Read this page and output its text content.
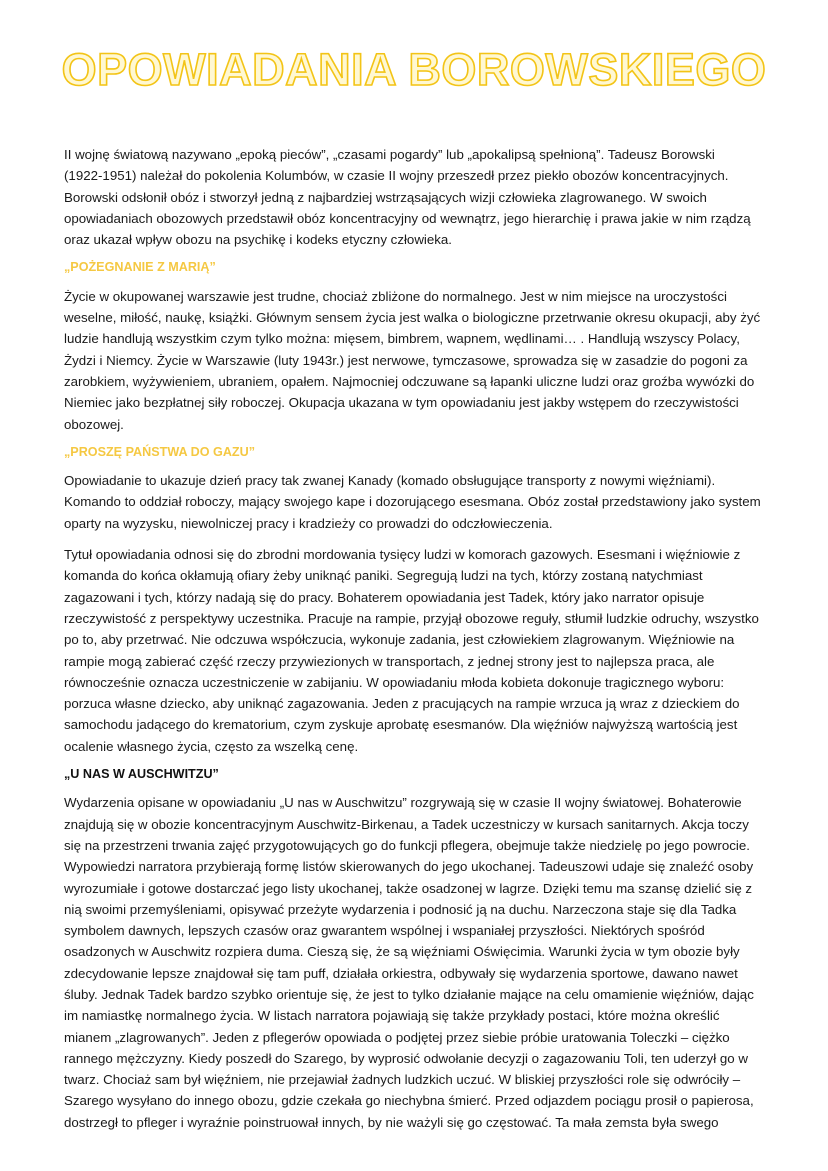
OPOWIADANIA BOROWSKIEGO
II wojnę światową nazywano „epoką pieców”, „czasami pogardy” lub „apokalipsą spełnioną”. Tadeusz Borowski
(1922-1951) należał do pokolenia Kolumbów, w czasie II wojny przeszedł przez piekło obozów koncentracyjnych.
Borowski odsłonił obóz i stworzył jedną z najbardziej wstrząsających wizji człowieka zlagrowanego. W swoich
opowiadaniach obozowych przedstawił obóz koncentracyjny od wewnątrz, jego hierarchię i prawa jakie w nim rządzą
oraz ukazał wpływ obozu na psychikę i kodeks etyczny człowieka.
„POŻEGNANIE Z MARIĄ”
Życie w okupowanej warszawie jest trudne, chociaż zbliżone do normalnego. Jest w nim miejsce na uroczystości
weselne, miłość, naukę, książki. Głównym sensem życia jest walka o biologiczne przetrwanie okresu okupacji, aby żyć
ludzie handlują wszystkim czym tylko można: mięsem, bimbrem, wapnem, wędlinami… . Handlują wszyscy Polacy,
Żydzi i Niemcy. Życie w Warszawie (luty 1943r.) jest nerwowe, tymczasowe, sprowadza się w zasadzie do pogoni za
zarobkiem, wyżywieniem, ubraniem, opałem. Najmocniej odczuwane są łapanki uliczne ludzi oraz groźba wywózki do
Niemiec jako bezpłatnej siły roboczej. Okupacja ukazana w tym opowiadaniu jest jakby wstępem do rzeczywistości
obozowej.
„PROSZĘ PAŃSTWA DO GAZU”
Opowiadanie to ukazuje dzień pracy tak zwanej Kanady (komado obsługujące transporty z nowymi więźniami).
Komando to oddział roboczy, mający swojego kape i dozorującego esesmana. Obóz został przedstawiony jako system
oparty na wyzysku, niewolniczej pracy i kradzieży co prowadzi do odczłowieczenia.
Tytuł opowiadania odnosi się do zbrodni mordowania tysięcy ludzi w komorach gazowych. Esesmani i więźniowie z
komanda do końca okłamują ofiary żeby uniknąć paniki. Segregują ludzi na tych, którzy zostaną natychmiast
zagazowani i tych, którzy nadają się do pracy. Bohaterem opowiadania jest Tadek, który jako narrator opisuje
rzeczywistość z perspektywy uczestnika. Pracuje na rampie, przyjął obozowe reguły, stłumił ludzkie odruchy, wszystko
po to, aby przetrwać. Nie odczuwa współczucia, wykonuje zadania, jest człowiekiem zlagrowanym. Więźniowie na
rampie mogą zabierać część rzeczy przywiezionych w transportach, z jednej strony jest to najlepsza praca, ale
równocześnie oznacza uczestniczenie w zabijaniu. W opowiadaniu młoda kobieta dokonuje tragicznego wyboru:
porzuca własne dziecko, aby uniknąć zagazowania. Jeden z pracujących na rampie wrzuca ją wraz z dzieckiem do
samochodu jadącego do krematorium, czym zyskuje aprobatę esesmanów. Dla więźniów najwyższą wartością jest
ocalenie własnego życia, często za wszelką cenę.
„U NAS W AUSCHWITZU”
Wydarzenia opisane w opowiadaniu „U nas w Auschwitzu” rozgrywają się w czasie II wojny światowej. Bohaterowie
znajdują się w obozie koncentracyjnym Auschwitz-Birkenau, a Tadek uczestniczy w kursach sanitarnych. Akcja toczy
się na przestrzeni trwania zajęć przygotowujących go do funkcji pflegera, obejmuje także niedzielę po jego powrocie.
Wypowiedzi narratora przybierają formę listów skierowanych do jego ukochanej. Tadeuszowi udaje się znaleźć osoby
wyrozumiałe i gotowe dostarczać jego listy ukochanej, także osadzonej w lagrze. Dzięki temu ma szansę dzielić się z
nią swoimi przemyśleniami, opisywać przeżyte wydarzenia i podnosić ją na duchu. Narzeczona staje się dla Tadka
symbolem dawnych, lepszych czasów oraz gwarantem wspólnej i wspaniałej przyszłości. Niektórych spośród
osadzonych w Auschwitz rozpiera duma. Cieszą się, że są więźniami Oświęcimia. Warunki życia w tym obozie były
zdecydowanie lepsze znajdował się tam puff, działała orkiestra, odbywały się wydarzenia sportowe, dawano nawet
śluby. Jednak Tadek bardzo szybko orientuje się, że jest to tylko działanie mające na celu omamienie więźniów, dając
im namiastkę normalnego życia. W listach narratora pojawiają się także przykłady postaci, które można określić
mianem „zlagrowanych”. Jeden z pflegerów opowiada o podjętej przez siebie próbie uratowania Toleczki – ciężko
rannego mężczyzny. Kiedy poszedł do Szarego, by wyprosić odwołanie decyzji o zagazowaniu Toli, ten uderzył go w
twarz. Chociaż sam był więźniem, nie przejawiał żadnych ludzkich uczuć. W bliskiej przyszłości role się odwróciły –
Szarego wysyłano do innego obozu, gdzie czekała go niechybna śmierć. Przed odjazdem pociągu prosił o papierosa,
dostrzegł to pfleger i wyraźnie poinstruował innych, by nie ważyli się go częstować. Ta mała zemsta była swego
